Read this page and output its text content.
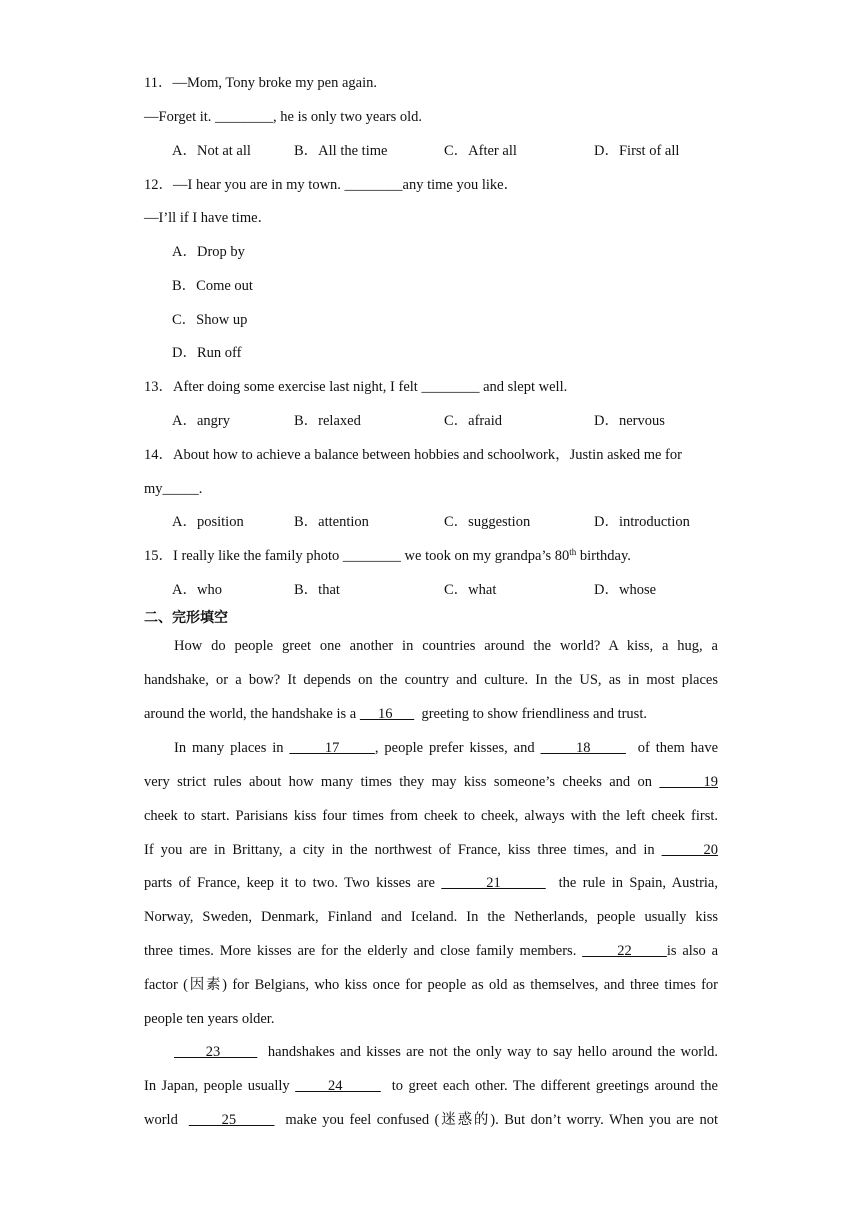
11．—Mom, Tony broke my pen again.
—Forget it. ________, he is only two years old.
A．Not at all	B．All the time	C．After all	D．First of all
12．—I hear you are in my town. ________any time you like．
—I’ll if I have time．
A．Drop by
B．Come out
C．Show up
D．Run off
13．After doing some exercise last night, I felt ________ and slept well.
A．angry	B．relaxed	C．afraid	D．nervous
14．About how to achieve a balance between hobbies and schoolwork，Justin asked me for
my_____.
A．position	B．attention	C．suggestion	D．introduction
15．I really like the family photo ________ we took on my grandpa’s 80th birthday.
A．who	B．that	C．what	D．whose
二、完形填空
How do people greet one another in countries around the world? A kiss, a hug, a
handshake, or a bow? It depends on the country and culture. In the US, as in most places
around the world, the handshake is a      16        greeting to show friendliness and trust.
In many places in       17      , people prefer kisses, and       18        of them have
very strict rules about how many times they may kiss someone’s cheeks and on       19
cheek to start. Parisians kiss four times from cheek to cheek, always with the left cheek first.
If you are in Brittany, a city in the northwest of France, kiss three times, and in       20
parts of France, keep it to two. Two kisses are        21         the rule in Spain, Austria,
Norway, Sweden, Denmark, Finland and Iceland. In the Netherlands, people usually kiss
three times. More kisses are for the elderly and close family members.       22      is also a
factor (因素) for Belgians, who kiss once for people as old as themselves, and three times for
people ten years older.
23         handshakes and kisses are not the only way to say hello around the world.
In Japan, people usually       24         to greet each other. The different greetings around the
world        25         make you feel confused (迷惑的). But don’t worry. When you are not
